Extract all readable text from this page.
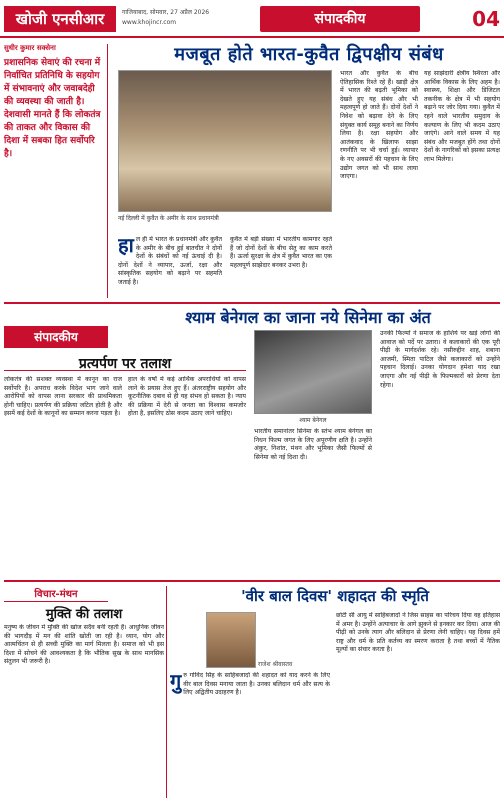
खोजी एनसीआर	गाजियाबाद, सोमवार, 27 अप्रैल 2026
www.khojincr.com	संपादकीय	04
सुधीर कुमार सक्सेना
प्रशासनिक सेवाएं की रचना में निर्वाचित प्रतिनिधि के सहयोग में संभावनाएं और जवाबदेही की व्यवस्था की जाती है। देशवासी मानते हैं कि लोकतंत्र की ताकत और विकास की दिशा में सबका हित सर्वोपरि है।
मजबूत होते भारत-कुवैत द्विपक्षीय संबंध
नई दिल्ली में कुवैत के अमीर के साथ प्रधानमंत्री
हाल ही में भारत के प्रधानमंत्री और कुवैत के अमीर के बीच हुई बातचीत ने दोनों देशों के संबंधों को नई ऊंचाई दी है। दोनों देशों ने व्यापार, ऊर्जा, रक्षा और सांस्कृतिक सहयोग को बढ़ाने पर सहमति जताई है।
कुवैत में बड़ी संख्या में भारतीय कामगार रहते हैं जो दोनों देशों के बीच सेतु का काम करते हैं। ऊर्जा सुरक्षा के क्षेत्र में कुवैत भारत का एक महत्वपूर्ण साझेदार बनकर उभरा है।
भारत और कुवैत के बीच ऐतिहासिक रिश्ते रहे हैं। खाड़ी क्षेत्र में भारत की बढ़ती भूमिका को देखते हुए यह संबंध और भी महत्वपूर्ण हो जाते हैं। दोनों देशों ने निवेश को बढ़ावा देने के लिए संयुक्त कार्य समूह बनाने का निर्णय लिया है। रक्षा सहयोग और आतंकवाद के खिलाफ साझा रणनीति पर भी चर्चा हुई। व्यापार के नए अवसरों की पहचान के लिए उद्योग जगत को भी साथ लाया जाएगा।
यह साझेदारी क्षेत्रीय स्थिरता और आर्थिक विकास के लिए अहम है। स्वास्थ्य, शिक्षा और डिजिटल तकनीक के क्षेत्र में भी सहयोग बढ़ाने पर जोर दिया गया। कुवैत में रहने वाले भारतीय समुदाय के कल्याण के लिए भी कदम उठाए जाएंगे। आने वाले समय में यह संबंध और मजबूत होंगे तथा दोनों देशों के नागरिकों को इसका प्रत्यक्ष लाभ मिलेगा।
श्याम बेनेगल का जाना नये सिनेमा का अंत
संपादकीय
प्रत्यर्पण पर तलाश
लोकतंत्र की सशक्त व्यवस्था में कानून का राज सर्वोपरि है। अपराध करके विदेश भाग जाने वाले आरोपियों को वापस लाना सरकार की प्राथमिकता होनी चाहिए। प्रत्यर्पण की प्रक्रिया जटिल होती है और इसमें कई देशों के कानूनों का सम्मान करना पड़ता है।
हाल के वर्षों में कई आर्थिक अपराधियों को वापस लाने के प्रयास तेज हुए हैं। अंतरराष्ट्रीय सहयोग और कूटनीतिक दबाव से ही यह संभव हो सकता है। न्याय की प्रक्रिया में देरी से जनता का विश्वास कमजोर होता है, इसलिए ठोस कदम उठाए जाने चाहिए।
श्याम बेनेगल
भारतीय समानांतर सिनेमा के स्तंभ श्याम बेनेगल का निधन फिल्म जगत के लिए अपूरणीय क्षति है। उन्होंने अंकुर, निशांत, मंथन और भूमिका जैसी फिल्मों से सिनेमा को नई दिशा दी।
उनकी फिल्मों ने समाज के हाशिये पर खड़े लोगों की आवाज को पर्दे पर उतारा। वे कलाकारों की एक पूरी पीढ़ी के मार्गदर्शक रहे। नसीरुद्दीन शाह, शबाना आजमी, स्मिता पाटिल जैसे कलाकारों को उन्होंने पहचान दिलाई। उनका योगदान हमेशा याद रखा जाएगा और नई पीढ़ी के फिल्मकारों को प्रेरणा देता रहेगा।
विचार-मंथन
मुक्ति की तलाश
मनुष्य के जीवन में मुक्ति की खोज सदैव बनी रहती है। आधुनिक जीवन की भागदौड़ में मन की शांति खोती जा रही है। ध्यान, योग और आत्मचिंतन से ही सच्ची मुक्ति का मार्ग मिलता है। समाज को भी इस दिशा में सोचने की आवश्यकता है कि भौतिक सुख के साथ मानसिक संतुलन भी जरूरी है।
'वीर बाल दिवस' शहादत की स्मृति
राजेश श्रीवास्तव
गुरु गोविंद सिंह के साहिबजादों की शहादत को याद करने के लिए वीर बाल दिवस मनाया जाता है। उनका बलिदान धर्म और सत्य के लिए अद्वितीय उदाहरण है।
छोटी सी आयु में साहिबजादों ने जिस साहस का परिचय दिया वह इतिहास में अमर है। उन्होंने अत्याचार के आगे झुकने से इनकार कर दिया। आज की पीढ़ी को उनके त्याग और बलिदान से प्रेरणा लेनी चाहिए। यह दिवस हमें राष्ट्र और धर्म के प्रति कर्तव्य का स्मरण कराता है तथा बच्चों में नैतिक मूल्यों का संचार करता है।
